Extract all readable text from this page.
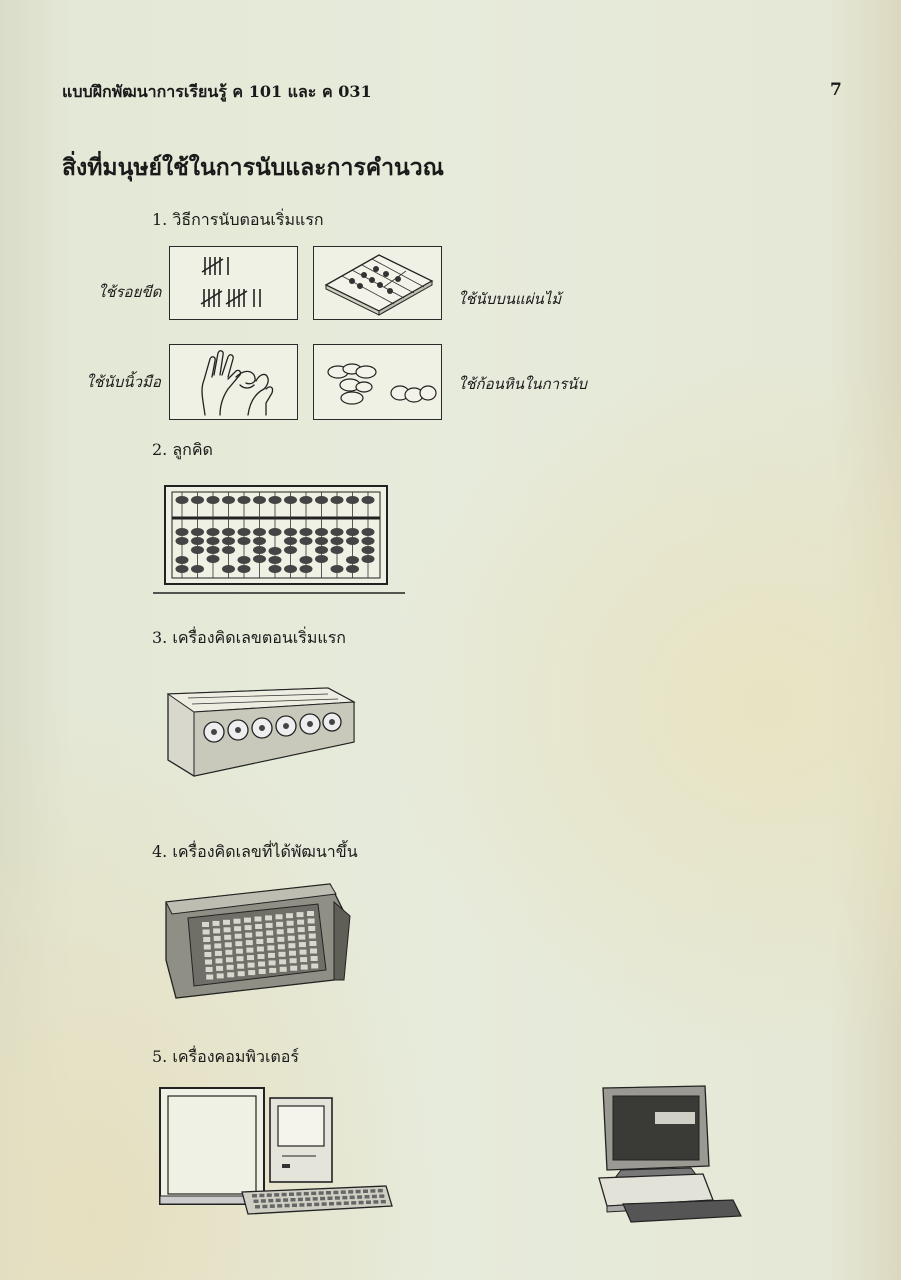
แบบฝึกพัฒนาการเรียนรู้ ค 101 และ ค 031	7
สิ่งที่มนุษย์ใช้ในการนับและการคำนวณ
1. วิธีการนับตอนเริ่มแรก
ใช้รอยขีด	ใช้นับบนแผ่นไม้
ใช้นับนิ้วมือ	ใช้ก้อนหินในการนับ
2. ลูกคิด
3. เครื่องคิดเลขตอนเริ่มแรก
4. เครื่องคิดเลขที่ได้พัฒนาขึ้น
5. เครื่องคอมพิวเตอร์
